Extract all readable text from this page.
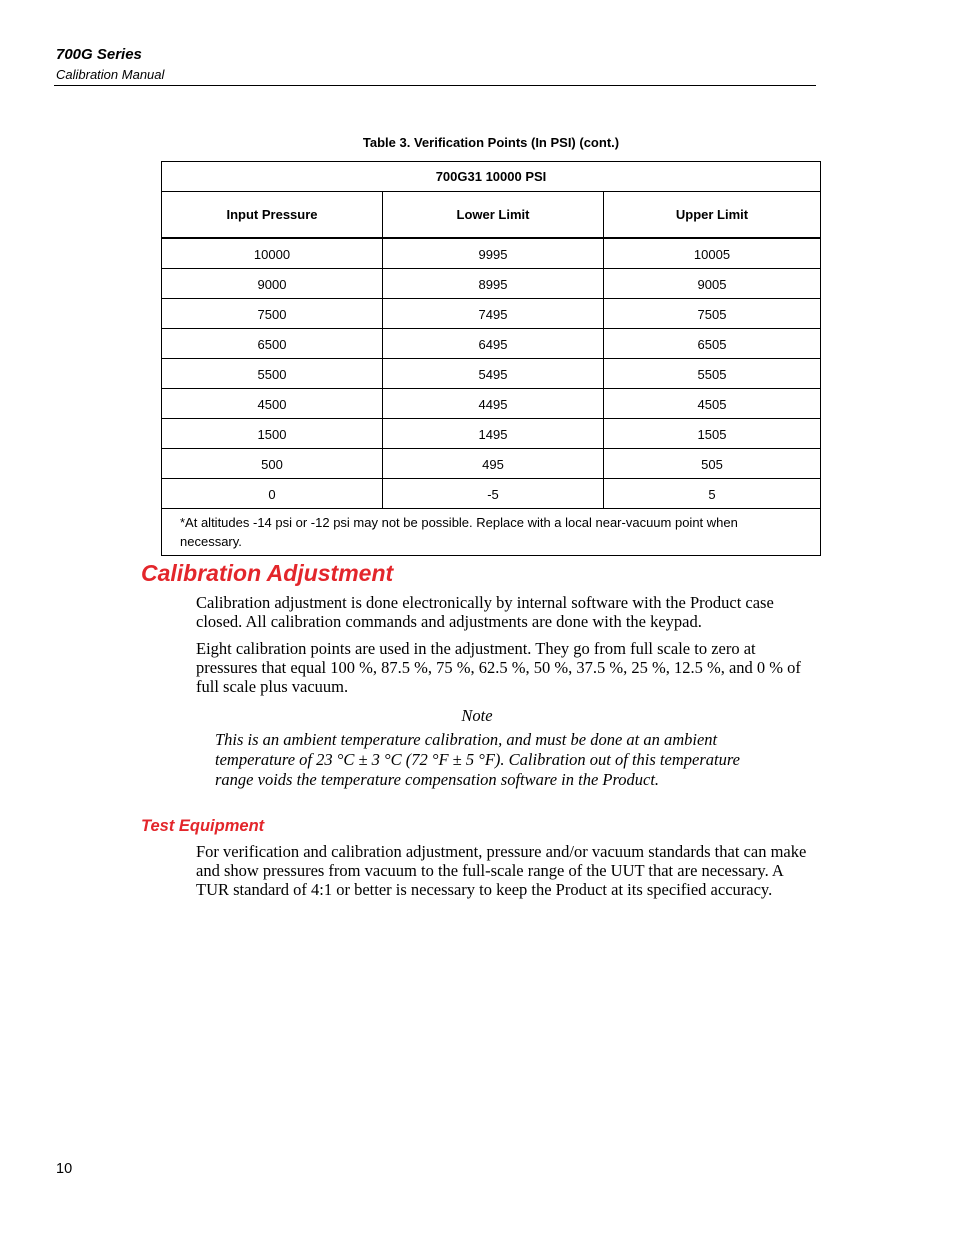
700G Series
Calibration Manual
Table 3. Verification Points (In PSI) (cont.)
700G31 10000 PSI		
Input Pressure	Lower Limit	Upper Limit
10000	9995	10005
9000	8995	9005
7500	7495	7505
6500	6495	6505
5500	5495	5505
4500	4495	4505
1500	1495	1505
500	495	505
0	-5	5
*At altitudes -14 psi or -12 psi may not be possible. Replace with a local near-vacuum point when necessary.		
Calibration Adjustment

Calibration adjustment is done electronically by internal software with the Product case closed. All calibration commands and adjustments are done with the keypad.

Eight calibration points are used in the adjustment. They go from full scale to zero at pressures that equal 100 %, 87.5 %, 75 %, 62.5 %, 50 %, 37.5 %, 25 %, 12.5 %, and 0 % of full scale plus vacuum.

Note

This is an ambient temperature calibration, and must be done at an ambient temperature of 23 °C ± 3 °C (72 °F ± 5 °F). Calibration out of this temperature range voids the temperature compensation software in the Product.

Test Equipment

For verification and calibration adjustment, pressure and/or vacuum standards that can make and show pressures from vacuum to the full-scale range of the UUT that are necessary. A TUR standard of 4:1 or better is necessary to keep the Product at its specified accuracy.

10
